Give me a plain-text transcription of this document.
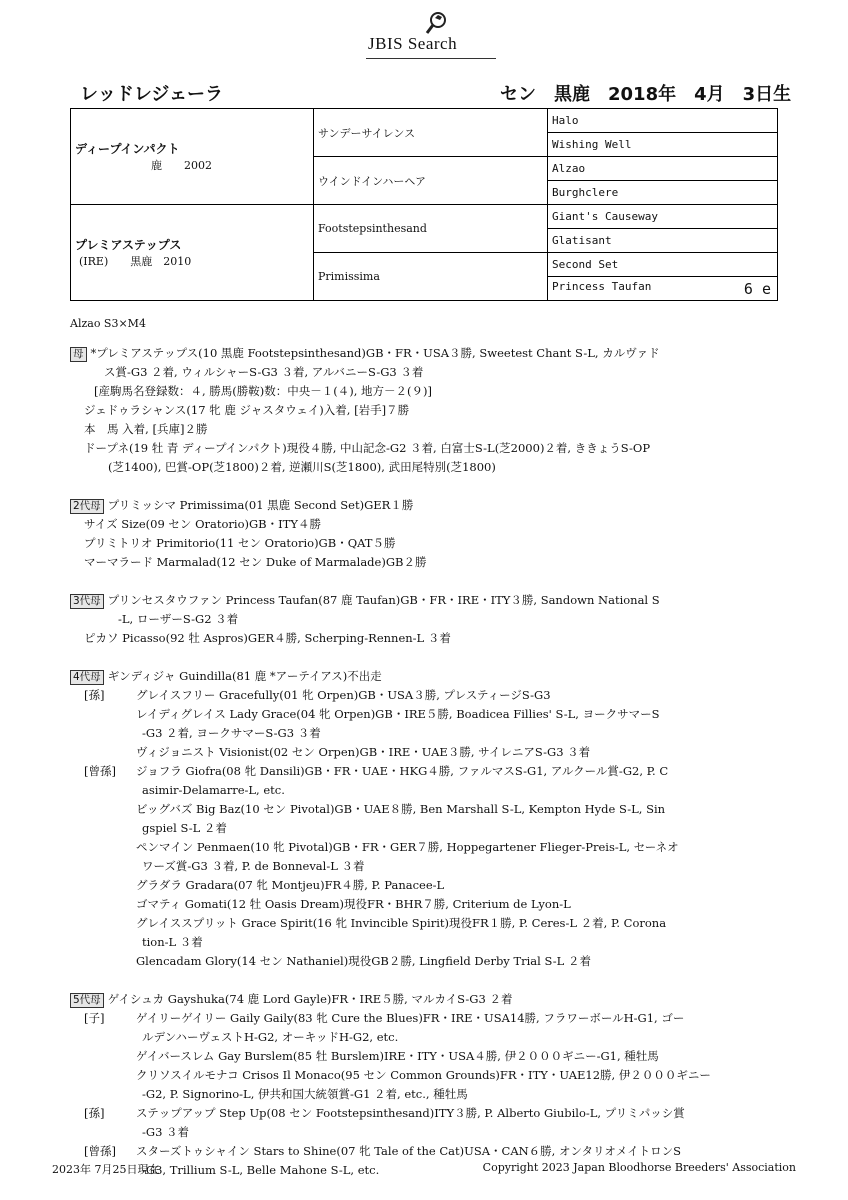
JBIS Search
レッドレジェーラ	セン　黒鹿　2018年　4月　3日生
ディープインパクト
鹿　　2002	サンデーサイレンス	Halo
		Wishing Well
	ウインドインハーヘア	Alzao
		Burghclere

プレミアステップス
(IRE)　　黒鹿　2010	Footstepsinthesand	Giant's Causeway
		Glatisant
	Primissima	Second Set
		Princess Taufan 6 e
Alzao S3×M4
母 *プレミアステップス(10 黒鹿 Footstepsinthesand)GB・FR・USA３勝, Sweetest Chant S-L, カルヴァド
ス賞-G3 ２着, ウィルシャーS-G3 ３着, アルバニーS-G3 ３着
[産駒馬名登録数：４, 勝馬(勝鞍)数：中央－１(４), 地方－２(９)]
ジェドゥラシャンス(17 牝 鹿 ジャスタウェイ)入着, [岩手]７勝
本　馬 入着, [兵庫]２勝
ドープネ(19 牡 青 ディープインパクト)現役４勝, 中山記念-G2 ３着, 白富士S-L(芝2000)２着, ききょうS-OP
(芝1400), 巴賞-OP(芝1800)２着, 逆瀬川S(芝1800), 武田尾特別(芝1800)
2代母 プリミッシマ Primissima(01 黒鹿 Second Set)GER１勝
サイズ Size(09 セン Oratorio)GB・ITY４勝
プリミトリオ Primitorio(11 セン Oratorio)GB・QAT５勝
マーマラード Marmalad(12 セン Duke of Marmalade)GB２勝
3代母 プリンセスタウファン Princess Taufan(87 鹿 Taufan)GB・FR・IRE・ITY３勝, Sandown National S
-L, ローザーS-G2 ３着
ピカソ Picasso(92 牡 Aspros)GER４勝, Scherping-Rennen-L ３着
4代母 ギンディジャ Guindilla(81 鹿 *アーテイアス)不出走
[孫]	グレイスフリー Gracefully(01 牝 Orpen)GB・USA３勝, プレスティージS-G3
レイディグレイス Lady Grace(04 牝 Orpen)GB・IRE５勝, Boadicea Fillies' S-L, ヨークサマーS
-G3 ２着, ヨークサマーS-G3 ３着
ヴィジョニスト Visionist(02 セン Orpen)GB・IRE・UAE３勝, サイレニアS-G3 ３着
[曾孫] ジョフラ Giofra(08 牝 Dansili)GB・FR・UAE・HKG４勝, ファルマスS-G1, アルクール賞-G2, P. C
asimir-Delamarre-L, etc.
ビッグバズ Big Baz(10 セン Pivotal)GB・UAE８勝, Ben Marshall S-L, Kempton Hyde S-L, Sin
gspiel S-L ２着
ペンマイン Penmaen(10 牝 Pivotal)GB・FR・GER７勝, Hoppegartener Flieger-Preis-L, セーネオ
ワーズ賞-G3 ３着, P. de Bonneval-L ３着
グラダラ Gradara(07 牝 Montjeu)FR４勝, P. Panacee-L
ゴマティ Gomati(12 牡 Oasis Dream)現役FR・BHR７勝, Criterium de Lyon-L
グレイススプリット Grace Spirit(16 牝 Invincible Spirit)現役FR１勝, P. Ceres-L ２着, P. Corona
tion-L ３着
Glencadam Glory(14 セン Nathaniel)現役GB２勝, Lingfield Derby Trial S-L ２着
5代母 ゲイシュカ Gayshuka(74 鹿 Lord Gayle)FR・IRE５勝, マルカイS-G3 ２着
[子]	ゲイリーゲイリー Gaily Gaily(83 牝 Cure the Blues)FR・IRE・USA14勝, フラワーボールH-G1, ゴー
ルデンハーヴェストH-G2, オーキッドH-G2, etc.
ゲイバースレム Gay Burslem(85 牡 Burslem)IRE・ITY・USA４勝, 伊２０００ギニー-G1, 種牡馬
クリソスイルモナコ Crisos Il Monaco(95 セン Common Grounds)FR・ITY・UAE12勝, 伊２０００ギニー
-G2, P. Signorino-L, 伊共和国大統領賞-G1 ２着, etc., 種牡馬
[孫]	ステップアップ Step Up(08 セン Footstepsinthesand)ITY３勝, P. Alberto Giubilo-L, プリミパッシ賞
-G3 ３着
[曾孫] スターズトゥシャイン Stars to Shine(07 牝 Tale of the Cat)USA・CAN６勝, オンタリオメイトロンS
-G3, Trillium S-L, Belle Mahone S-L, etc.
2023年 7月25日現在	Copyright 2023 Japan Bloodhorse Breeders' Association
